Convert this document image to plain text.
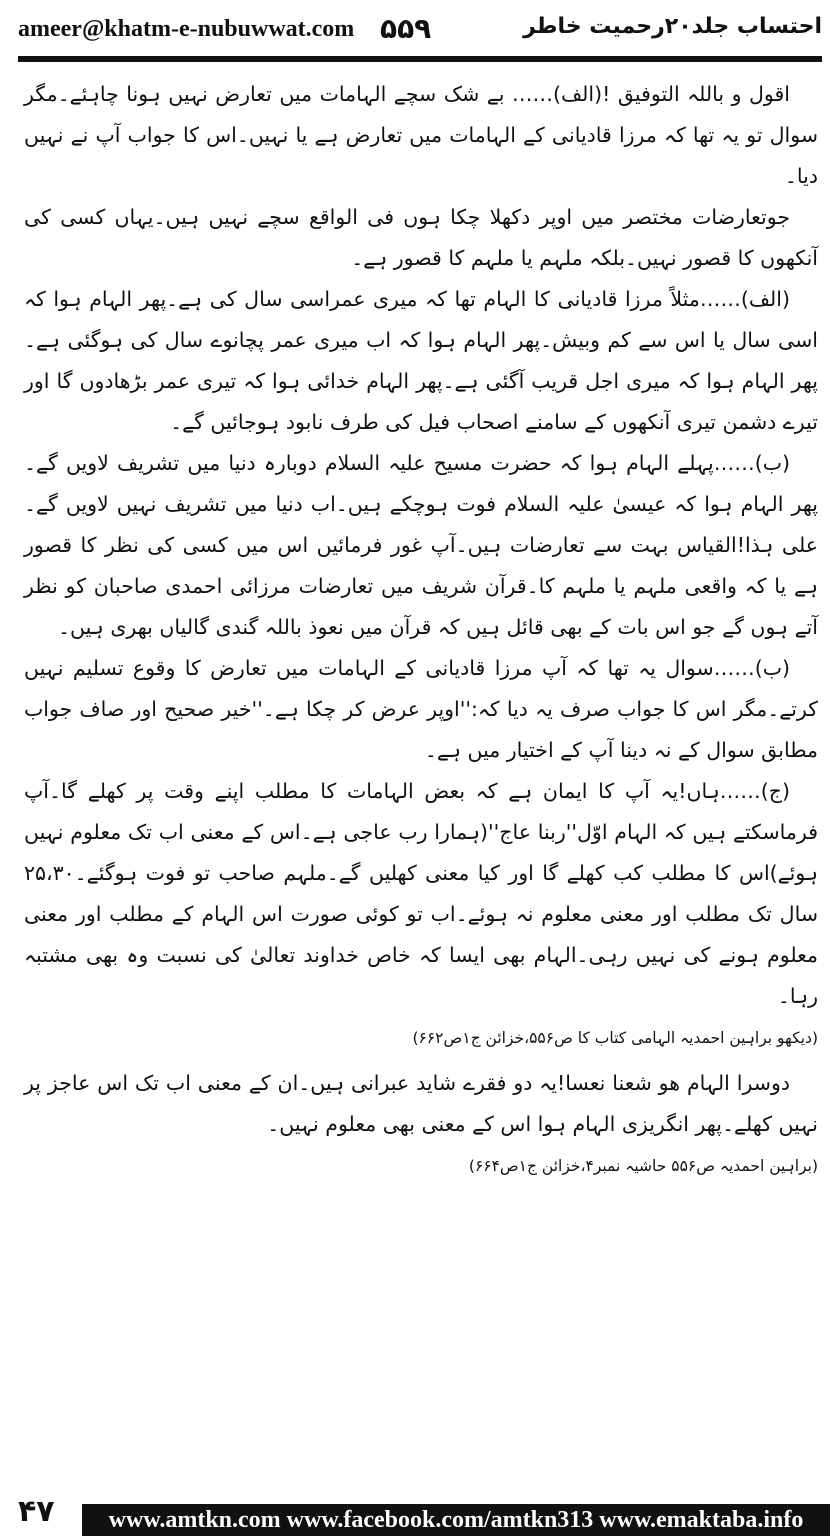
ameer@khatm-e-nubuwwat.com ۵۵۹	احتساب جلد۲۰رحمیت خاطر

اقول و باللہ التوفیق !(الف)…… بے شک سچے الہامات میں تعارض نہیں ہونا چاہئے۔مگر سوال تو یہ تھا کہ مرزا قادیانی کے الہامات میں تعارض ہے یا نہیں۔اس کا جواب آپ نے نہیں دیا۔

جوتعارضات مختصر میں اوپر دکھلا چکا ہوں فی الواقع سچے نہیں ہیں۔یہاں کسی کی آنکھوں کا قصور نہیں۔بلکہ ملہم یا ملہم کا قصور ہے۔

(الف)……مثلاً مرزا قادیانی کا الہام تھا کہ میری عمراسی سال کی ہے۔پھر الہام ہوا کہ اسی سال یا اس سے کم وبیش۔پھر الہام ہوا کہ اب میری عمر پچانوے سال کی ہوگئی ہے۔پھر الہام ہوا کہ میری اجل قریب آگئی ہے۔پھر الہام خدائی ہوا کہ تیری عمر بڑھادوں گا اور تیرے دشمن تیری آنکھوں کے سامنے اصحاب فیل کی طرف نابود ہوجائیں گے۔

(ب)……پہلے الہام ہوا کہ حضرت مسیح علیہ السلام دوبارہ دنیا میں تشریف لاویں گے۔پھر الہام ہوا کہ عیسیٰ علیہ السلام فوت ہوچکے ہیں۔اب دنیا میں تشریف نہیں لاویں گے۔علی ہذا!القیاس بہت سے تعارضات ہیں۔آپ غور فرمائیں اس میں کسی کی نظر کا قصور ہے یا کہ واقعی ملہم یا ملہم کا۔قرآن شریف میں تعارضات مرزائی احمدی صاحبان کو نظر آتے ہوں گے جو اس بات کے بھی قائل ہیں کہ قرآن میں نعوذ باللہ گندی گالیاں بھری ہیں۔

(ب)……سوال یہ تھا کہ آپ مرزا قادیانی کے الہامات میں تعارض کا وقوع تسلیم نہیں کرتے۔مگر اس کا جواب صرف یہ دیا کہ:''اوپر عرض کر چکا ہے۔''خیر صحیح اور صاف جواب مطابق سوال کے نہ دینا آپ کے اختیار میں ہے۔

(ج)……ہاں!یہ آپ کا ایمان ہے کہ بعض الہامات کا مطلب اپنے وقت پر کھلے گا۔آپ فرماسکتے ہیں کہ الہام اوّل''ربنا عاج''(ہمارا رب عاجی ہے۔اس کے معنی اب تک معلوم نہیں ہوئے)اس کا مطلب کب کھلے گا اور کیا معنی کھلیں گے۔ملہم صاحب تو فوت ہوگئے۔۲۵،۳۰ سال تک مطلب اور معنی معلوم نہ ہوئے۔اب تو کوئی صورت اس الہام کے مطلب اور معنی معلوم ہونے کی نہیں رہی۔الہام بھی ایسا کہ خاص خداوند تعالیٰ کی نسبت وہ بھی مشتبہ رہا۔

(دیکھو براہین احمدیہ الہامی کتاب کا ص۵۵۶،خزائن ج۱ص۶۶۲)

دوسرا الہام ھو شعنا نعسا!یہ دو فقرے شاید عبرانی ہیں۔ان کے معنی اب تک اس عاجز پر نہیں کھلے۔پھر انگریزی الہام ہوا اس کے معنی بھی معلوم نہیں۔

(براہین احمدیہ ص۵۵۶ حاشیہ نمبر۴،خزائن ج۱ص۶۶۴)

۴۷	www.amtkn.com www.facebook.com/amtkn313 www.emaktaba.info
